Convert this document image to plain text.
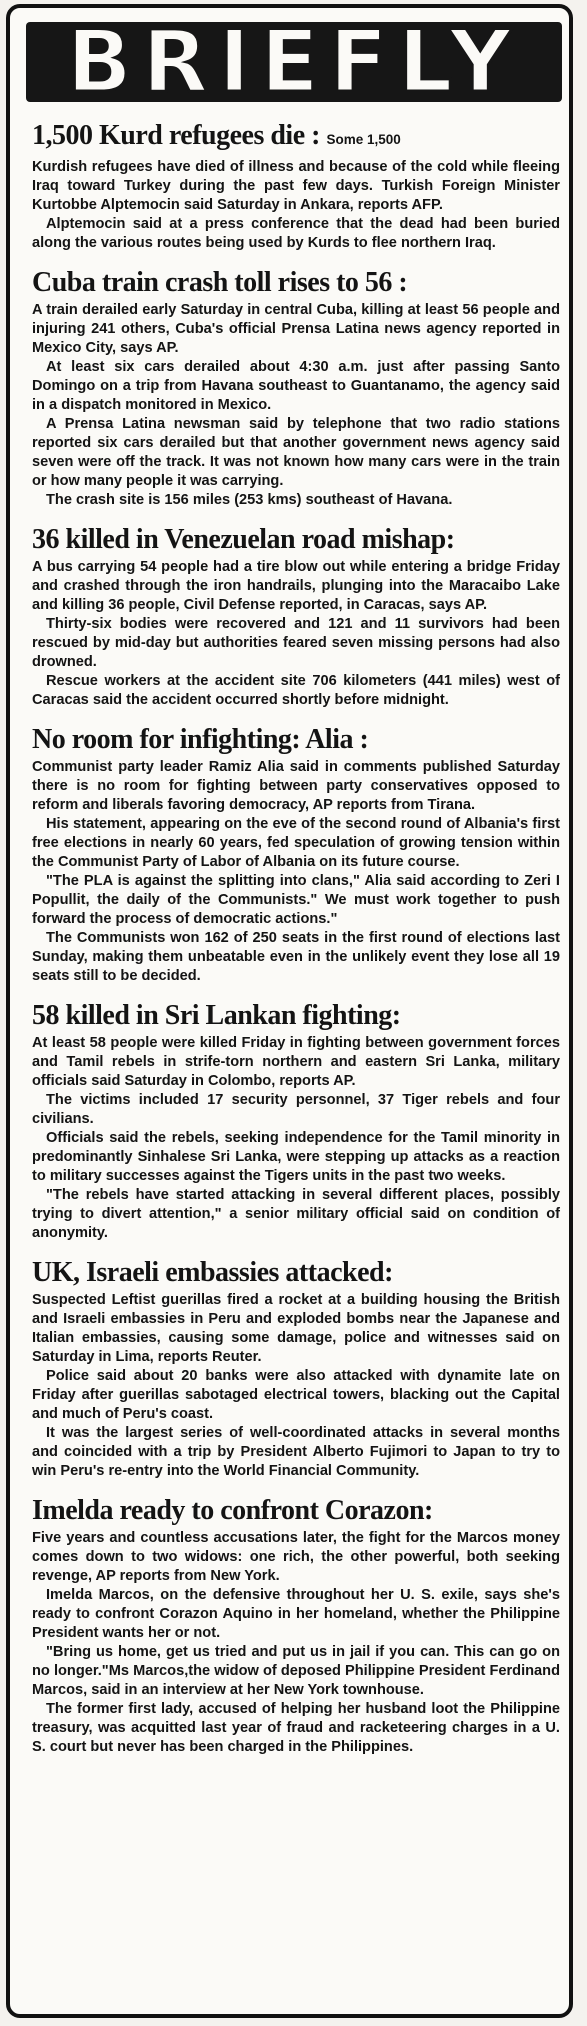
BRIEFLY
1,500 Kurd refugees die : Some 1,500

Kurdish refugees have died of illness and because of the cold while fleeing Iraq toward Turkey during the past few days. Turkish Foreign Minister Kurtobbe Alptemocin said Saturday in Ankara, reports AFP.

Alptemocin said at a press conference that the dead had been buried along the various routes being used by Kurds to flee northern Iraq.

Cuba train crash toll rises to 56 :

A train derailed early Saturday in central Cuba, killing at least 56 people and injuring 241 others, Cuba's official Prensa Latina news agency reported in Mexico City, says AP.

At least six cars derailed about 4:30 a.m. just after passing Santo Domingo on a trip from Havana southeast to Guantanamo, the agency said in a dispatch monitored in Mexico.

A Prensa Latina newsman said by telephone that two radio stations reported six cars derailed but that another government news agency said seven were off the track. It was not known how many cars were in the train or how many people it was carrying.

The crash site is 156 miles (253 kms) southeast of Havana.

36 killed in Venezuelan road mishap:

A bus carrying 54 people had a tire blow out while entering a bridge Friday and crashed through the iron handrails, plunging into the Maracaibo Lake and killing 36 people, Civil Defense reported, in Caracas, says AP.

Thirty-six bodies were recovered and 121 and 11 survivors had been rescued by mid-day but authorities feared seven missing persons had also drowned.

Rescue workers at the accident site 706 kilometers (441 miles) west of Caracas said the accident occurred shortly before midnight.

No room for infighting: Alia :

Communist party leader Ramiz Alia said in comments published Saturday there is no room for fighting between party conservatives opposed to reform and liberals favoring democracy, AP reports from Tirana.

His statement, appearing on the eve of the second round of Albania's first free elections in nearly 60 years, fed speculation of growing tension within the Communist Party of Labor of Albania on its future course.

"The PLA is against the splitting into clans," Alia said according to Zeri I Popullit, the daily of the Communists." We must work together to push forward the process of democratic actions."

The Communists won 162 of 250 seats in the first round of elections last Sunday, making them unbeatable even in the unlikely event they lose all 19 seats still to be decided.

58 killed in Sri Lankan fighting:

At least 58 people were killed Friday in fighting between government forces and Tamil rebels in strife-torn northern and eastern Sri Lanka, military officials said Saturday in Colombo, reports AP.

The victims included 17 security personnel, 37 Tiger rebels and four civilians.

Officials said the rebels, seeking independence for the Tamil minority in predominantly Sinhalese Sri Lanka, were stepping up attacks as a reaction to military successes against the Tigers units in the past two weeks.

"The rebels have started attacking in several different places, possibly trying to divert attention," a senior military official said on condition of anonymity.

UK, Israeli embassies attacked:

Suspected Leftist guerillas fired a rocket at a building housing the British and Israeli embassies in Peru and exploded bombs near the Japanese and Italian embassies, causing some damage, police and witnesses said on Saturday in Lima, reports Reuter.

Police said about 20 banks were also attacked with dynamite late on Friday after guerillas sabotaged electrical towers, blacking out the Capital and much of Peru's coast.

It was the largest series of well-coordinated attacks in several months and coincided with a trip by President Alberto Fujimori to Japan to try to win Peru's re-entry into the World Financial Community.

Imelda ready to confront Corazon:

Five years and countless accusations later, the fight for the Marcos money comes down to two widows: one rich, the other powerful, both seeking revenge, AP reports from New York.

Imelda Marcos, on the defensive throughout her U. S. exile, says she's ready to confront Corazon Aquino in her homeland, whether the Philippine President wants her or not.

"Bring us home, get us tried and put us in jail if you can. This can go on no longer."Ms Marcos,the widow of deposed Philippine President Ferdinand Marcos, said in an interview at her New York townhouse.

The former first lady, accused of helping her husband loot the Philippine treasury, was acquitted last year of fraud and racketeering charges in a U. S. court but never has been charged in the Philippines.
